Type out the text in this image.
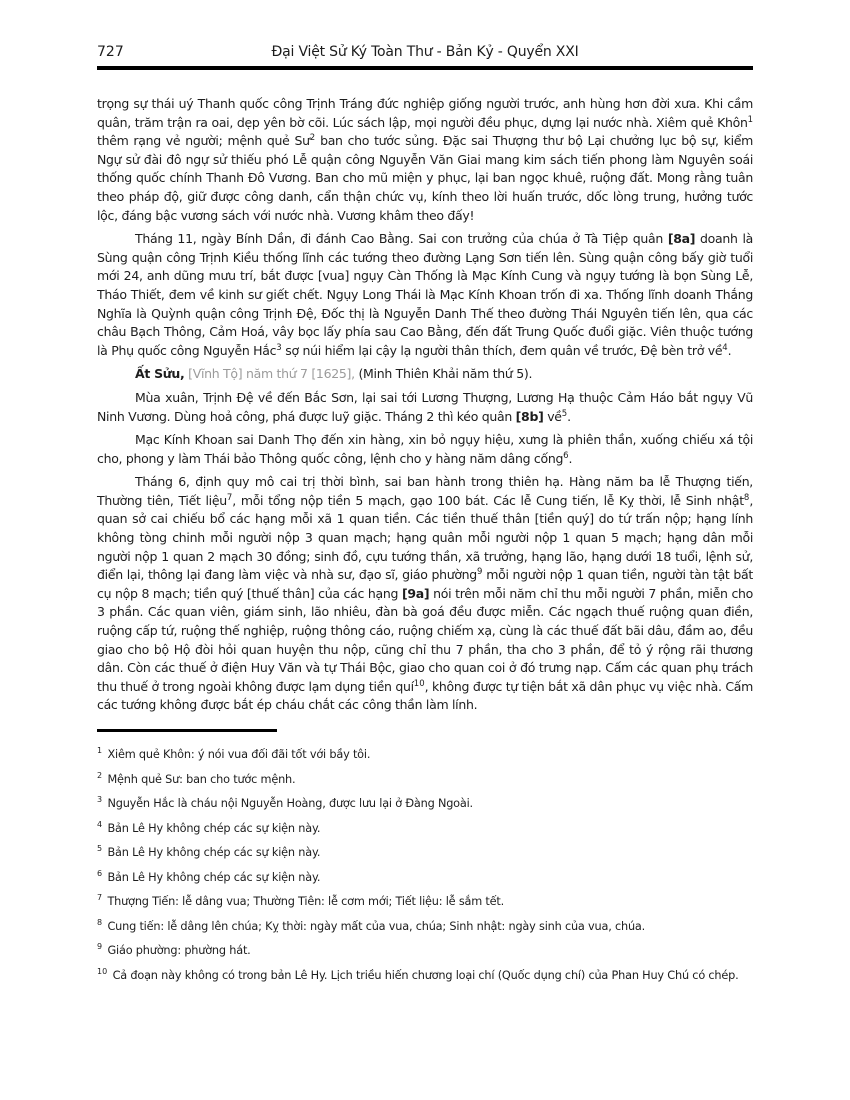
727	Đại Việt Sử Ký Toàn Thư - Bản Kỷ - Quyển XXI

trọng sự thái uý Thanh quốc công Trịnh Tráng đức nghiệp giống người trước, anh hùng hơn đời xưa. Khi cầm quân, trăm trận ra oai, dẹp yên bờ cõi. Lúc sách lập, mọi người đều phục, dựng lại nước nhà. Xiêm quẻ Khôn$^1$ thêm rạng vẻ người; mệnh quẻ $Sư^2$ ban cho tước sủng. Đặc sai Thượng thư bộ Lại chưởng lục bộ sự, kiểm Ngự sử đài đô ngự sử thiếu phó Lễ quận công Nguyễn Văn Giai mang kim sách tiến phong làm Nguyên soái thống quốc chính Thanh Đô Vương. Ban cho mũ miện y phục, lại ban ngọc khuê, ruộng đất. Mong rằng tuân theo pháp độ, giữ được công danh, cẩn thận chức vụ, kính theo lời huấn trước, dốc lòng trung, hưởng tước lộc, đáng bậc vương sách với nước nhà. Vương khâm theo đấy!

Tháng 11, ngày Bính Dần, đi đánh Cao Bằng. Sai con trưởng của chúa ở Tà Tiệp quân [8a] doanh là Sùng quận công Trịnh Kiều thống lĩnh các tướng theo đường Lạng Sơn tiến lên. Sùng quận công bấy giờ tuổi mới 24, anh dũng mưu trí, bắt được [vua] ngụy Càn Thống là Mạc Kính Cung và ngụy tướng là bọn Sùng Lễ, Tháo Thiết, đem về kinh sư giết chết. Ngụy Long Thái là Mạc Kính Khoan trốn đi xa. Thống lĩnh doanh Thắng Nghĩa là Quỳnh quận công Trịnh Đệ, Đốc thị là Nguyễn Danh Thế theo đường Thái Nguyên tiến lên, qua các châu Bạch Thông, Cảm Hoá, vây bọc lấy phía sau Cao Bằng, đến đất Trung Quốc đuổi giặc. Viên thuộc tướng là Phụ quốc công Nguyễn Hắc$^3$ sợ núi hiểm lại cậy lạ người thân thích, đem quân về trước, Đệ bèn trở về$^4$.

Ất Sửu, [Vĩnh Tộ] năm thứ 7 [1625], (Minh Thiên Khải năm thứ 5).

Mùa xuân, Trịnh Đệ về đến Bắc Sơn, lại sai tới Lương Thượng, Lương Hạ thuộc Cảm Háo bắt ngụy Vũ Ninh Vương. Dùng hoả công, phá được luỹ giặc. Tháng 2 thì kéo quân [8b] về$^5$.

Mạc Kính Khoan sai Danh Thọ đến xin hàng, xin bỏ ngụy hiệu, xưng là phiên thần, xuống chiếu xá tội cho, phong y làm Thái bảo Thông quốc công, lệnh cho y hàng năm dâng cống$^6$.

Tháng 6, định quy mô cai trị thời bình, sai ban hành trong thiên hạ. Hàng năm ba lễ Thượng tiến, Thường tiên, Tiết liệu$^7$, mỗi tổng nộp tiền 5 mạch, gạo 100 bát. Các lễ Cung tiến, lễ Kỵ thời, lễ Sinh nhật$^8$, quan sở cai chiếu bổ các hạng mỗi xã 1 quan tiền. Các tiền thuế thân [tiền quý] do tứ trấn nộp; hạng lính không tòng chinh mỗi người nộp 3 quan mạch; hạng quân mỗi người nộp 1 quan 5 mạch; hạng dân mỗi người nộp 1 quan 2 mạch 30 đồng; sinh đồ, cựu tướng thần, xã trưởng, hạng lão, hạng dưới 18 tuổi, lệnh sử, điển lại, thông lại đang làm việc và nhà sư, đạo sĩ, giáo phường$^9$ mỗi người nộp 1 quan tiền, người tàn tật bất cụ nộp 8 mạch; tiền quý [thuế thân] của các hạng [9a] nói trên mỗi năm chỉ thu mỗi người 7 phần, miễn cho 3 phần. Các quan viên, giám sinh, lão nhiêu, đàn bà goá đều được miễn. Các ngạch thuế ruộng quan điền, ruộng cấp tứ, ruộng thế nghiệp, ruộng thông cáo, ruộng chiếm xạ, cùng là các thuế đất bãi dâu, đầm ao, đều giao cho bộ Hộ đòi hỏi quan huyện thu nộp, cũng chỉ thu 7 phần, tha cho 3 phần, để tỏ ý rộng rãi thương dân. Còn các thuế ở điện Huy Văn và tự Thái Bộc, giao cho quan coi ở đó trưng nạp. Cấm các quan phụ trách thu thuế ở trong ngoài không được lạm dụng tiền quí$^{10}$, không được tự tiện bắt xã dân phục vụ việc nhà. Cấm các tướng không được bắt ép cháu chắt các công thần làm lính.

$^1$ Xiêm quẻ Khôn: ý nói vua đối đãi tốt với bầy tôi.

$^2$ Mệnh quẻ Sư: ban cho tước mệnh.

$^3$ Nguyễn Hắc là cháu nội Nguyễn Hoàng, được lưu lại ở Đàng Ngoài.

$^4$ Bản Lê Hy không chép các sự kiện này.

$^5$ Bản Lê Hy không chép các sự kiện này.

$^6$ Bản Lê Hy không chép các sự kiện này.

$^7$ Thượng Tiến: lễ dâng vua; Thường Tiên: lễ cơm mới; Tiết liệu: lễ sắm tết.

$^8$ Cung tiến: lễ dâng lên chúa; Kỵ thời: ngày mất của vua, chúa; Sinh nhật: ngày sinh của vua, chúa.

$^9$ Giáo phường: phường hát.

$^{10}$ Cả đoạn này không có trong bản Lê Hy. Lịch triều hiến chương loại chí (Quốc dụng chí) của Phan Huy Chú có chép.
